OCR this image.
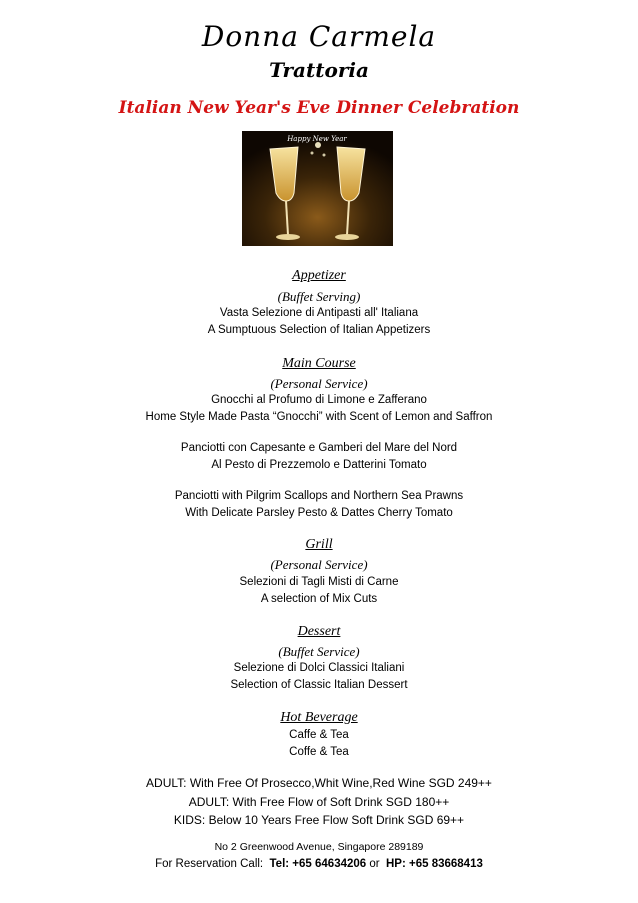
Donna Carmela
Trattoria
Italian New Year's Eve Dinner Celebration
Happy New Year
Appetizer
(Buffet Serving)
Vasta Selezione di Antipasti all' Italiana
A Sumptuous Selection of Italian Appetizers
Main Course
(Personal Service)
Gnocchi al Profumo di Limone e Zafferano
Home Style Made Pasta “Gnocchi” with Scent of Lemon and Saffron
Panciotti con Capesante e Gamberi del Mare del Nord
Al Pesto di Prezzemolo e Datterini Tomato
Panciotti with Pilgrim Scallops and Northern Sea Prawns
With Delicate Parsley Pesto & Dattes Cherry Tomato
Grill
(Personal Service)
Selezioni di Tagli Misti di Carne
A selection of Mix Cuts
Dessert
(Buffet Service)
Selezione di Dolci Classici Italiani
Selection of Classic Italian Dessert
Hot Beverage
Caffe & Tea
Coffe & Tea
ADULT: With Free Of Prosecco,Whit Wine,Red Wine SGD 249++
ADULT: With Free Flow of Soft Drink SGD 180++
KIDS: Below 10 Years Free Flow Soft Drink SGD 69++
No 2 Greenwood Avenue, Singapore 289189
For Reservation Call: Tel: +65 64634206 or HP: +65 83668413
